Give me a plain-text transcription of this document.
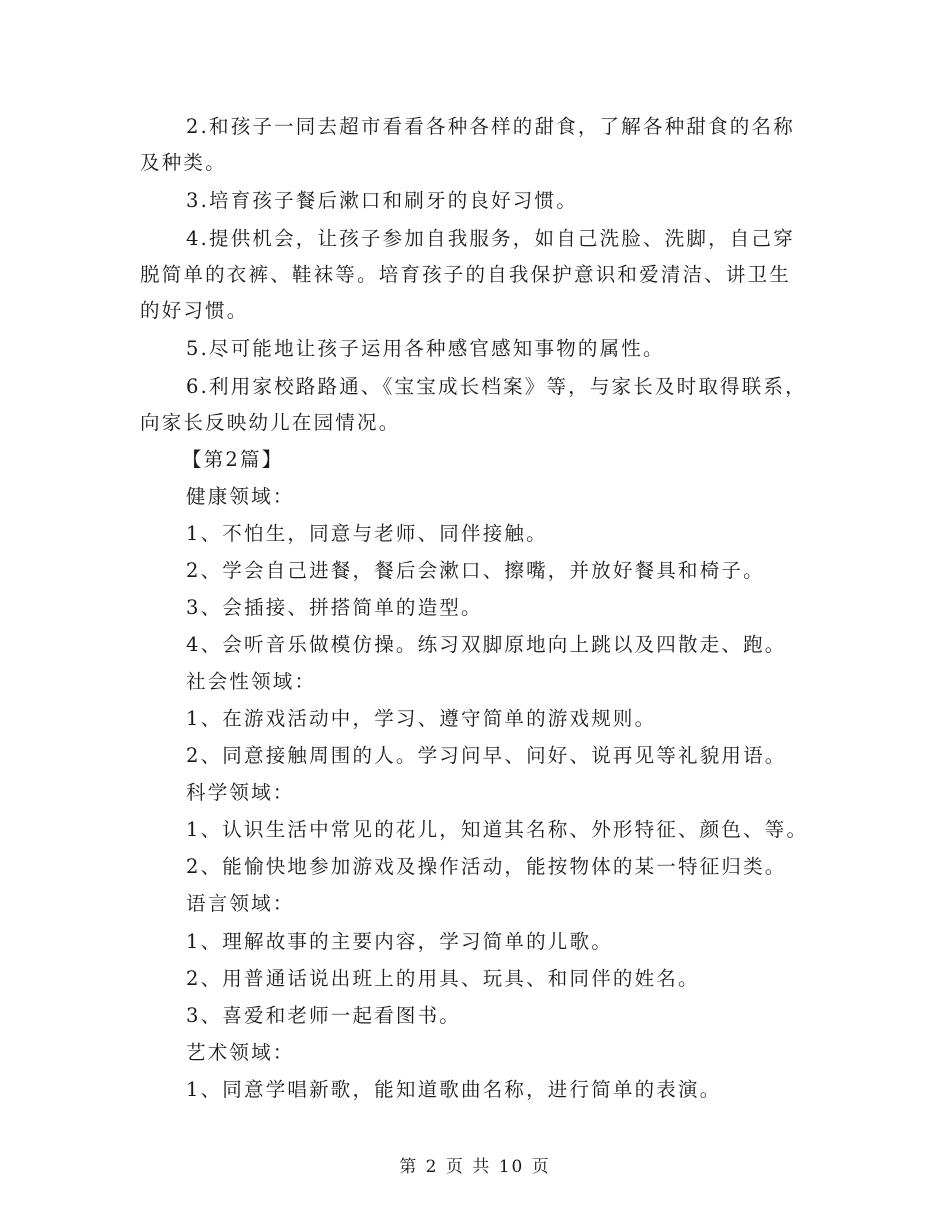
2.和孩子一同去超市看看各种各样的甜食，了解各种甜食的名称
及种类。
3.培育孩子餐后漱口和刷牙的良好习惯。
4.提供机会，让孩子参加自我服务，如自己洗脸、洗脚，自己穿
脱简单的衣裤、鞋袜等。培育孩子的自我保护意识和爱清洁、讲卫生
的好习惯。
5.尽可能地让孩子运用各种感官感知事物的属性。
6.利用家校路路通、《宝宝成长档案》等，与家长及时取得联系，
向家长反映幼儿在园情况。
【第2篇】
健康领域：
1、不怕生，同意与老师、同伴接触。
2、学会自己进餐，餐后会漱口、擦嘴，并放好餐具和椅子。
3、会插接、拼搭简单的造型。
4、会听音乐做模仿操。练习双脚原地向上跳以及四散走、跑。
社会性领域：
1、在游戏活动中，学习、遵守简单的游戏规则。
2、同意接触周围的人。学习问早、问好、说再见等礼貌用语。
科学领域：
1、认识生活中常见的花儿，知道其名称、外形特征、颜色、等。
2、能愉快地参加游戏及操作活动，能按物体的某一特征归类。
语言领域：
1、理解故事的主要内容，学习简单的儿歌。
2、用普通话说出班上的用具、玩具、和同伴的姓名。
3、喜爱和老师一起看图书。
艺术领域：
1、同意学唱新歌，能知道歌曲名称，进行简单的表演。
第 2 页 共 10 页
